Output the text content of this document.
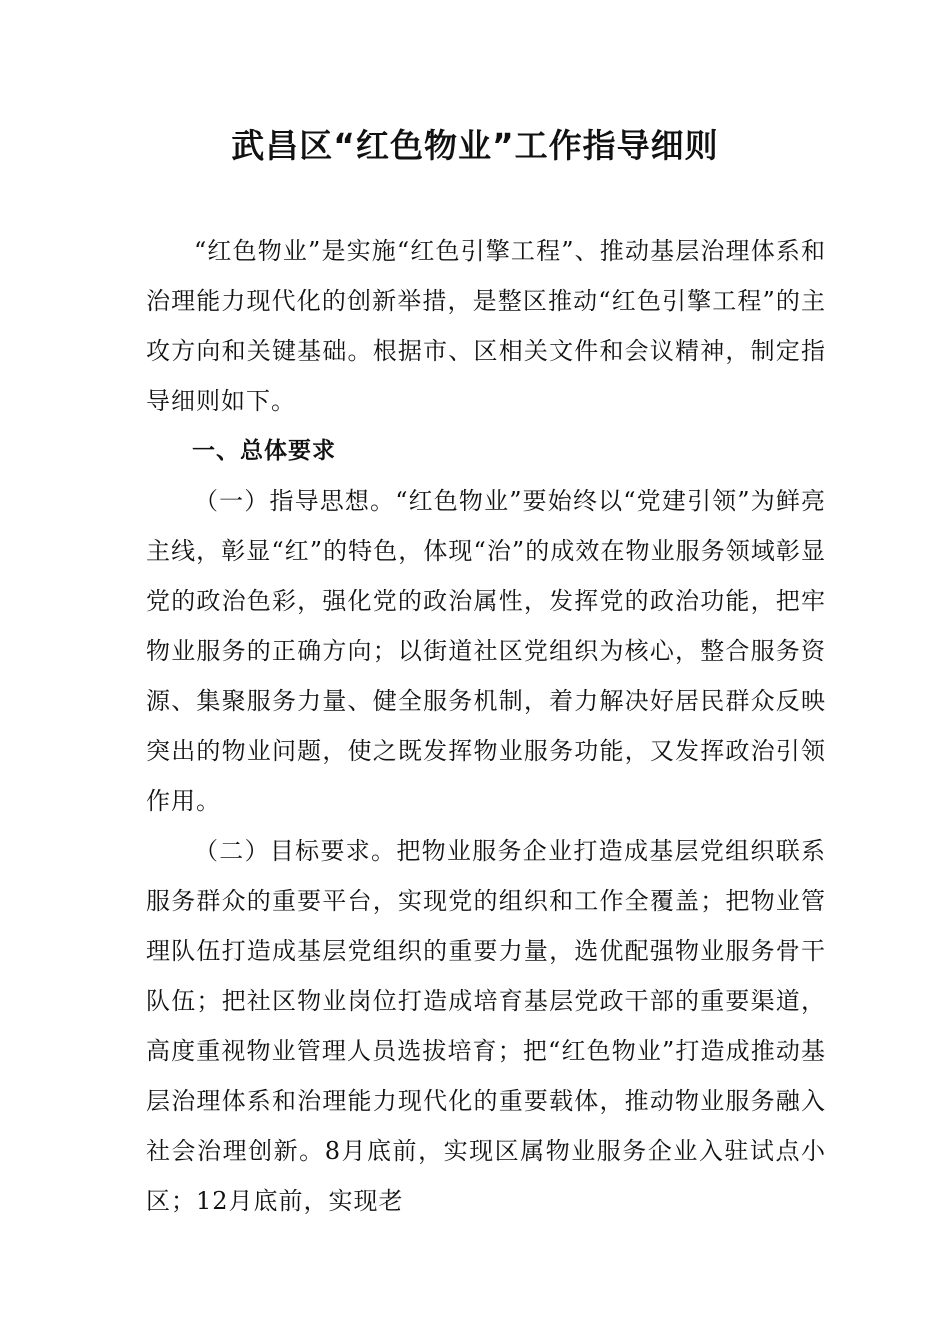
武昌区“红色物业”工作指导细则

“红色物业”是实施“红色引擎工程”、推动基层治理体系和治理能力现代化的创新举措，是整区推动“红色引擎工程”的主攻方向和关键基础。根据市、区相关文件和会议精神，制定指导细则如下。

一、总体要求

（一）指导思想。“红色物业”要始终以“党建引领”为鲜亮主线，彰显“红”的特色，体现“治”的成效在物业服务领域彰显党的政治色彩，强化党的政治属性，发挥党的政治功能，把牢物业服务的正确方向；以街道社区党组织为核心，整合服务资源、集聚服务力量、健全服务机制，着力解决好居民群众反映突出的物业问题，使之既发挥物业服务功能，又发挥政治引领作用。

（二）目标要求。把物业服务企业打造成基层党组织联系服务群众的重要平台，实现党的组织和工作全覆盖；把物业管理队伍打造成基层党组织的重要力量，选优配强物业服务骨干队伍；把社区物业岗位打造成培育基层党政干部的重要渠道，高度重视物业管理人员选拔培育；把“红色物业”打造成推动基层治理体系和治理能力现代化的重要载体，推动物业服务融入社会治理创新。8月底前，实现区属物业服务企业入驻试点小区；12月底前，实现老
